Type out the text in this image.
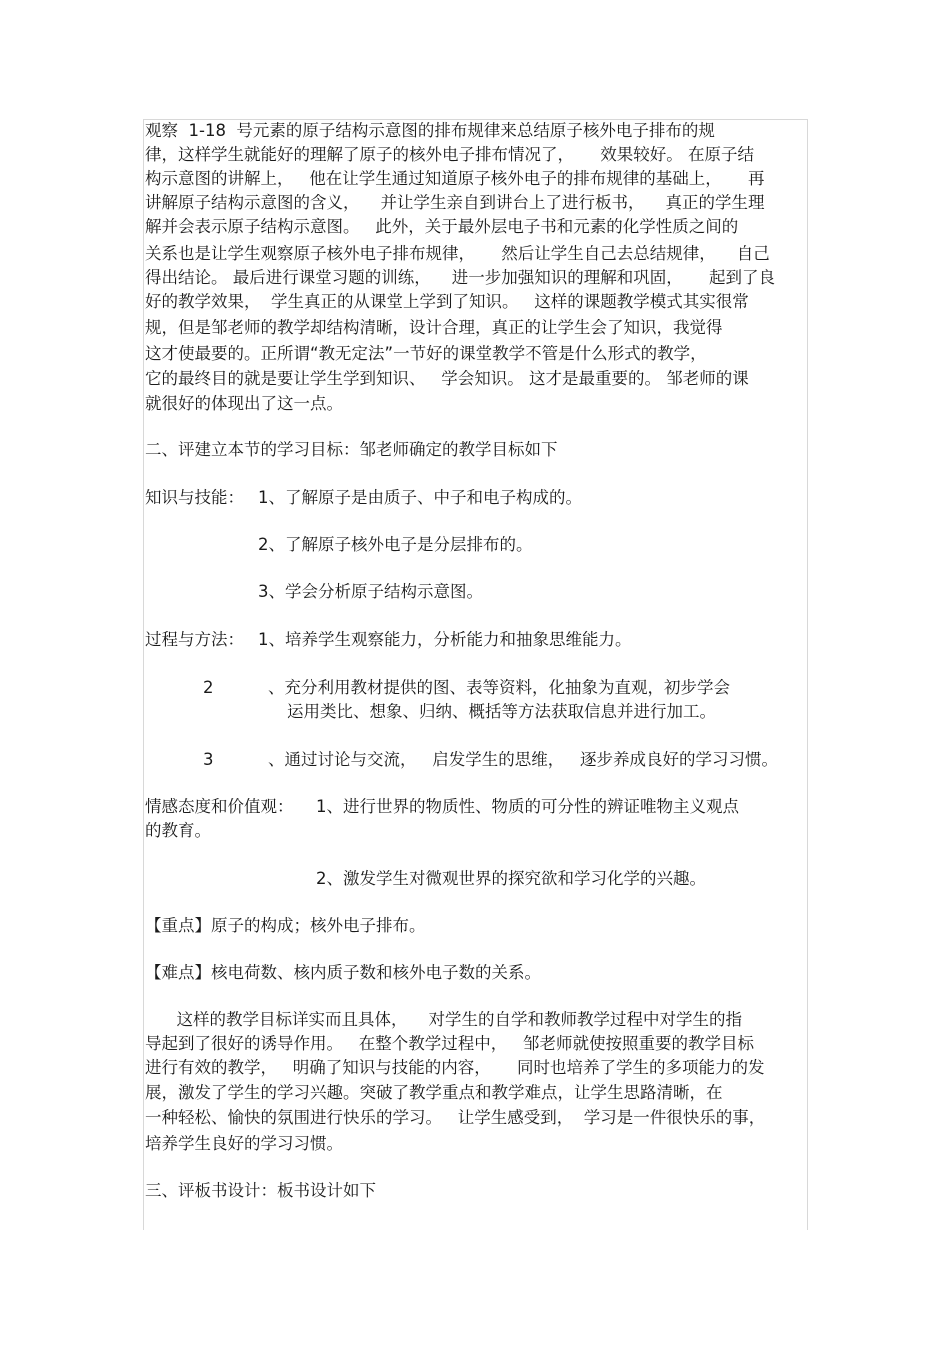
观察  1-18  号元素的原子结构示意图的排布规律来总结原子核外电子排布的规
律，这样学生就能好的理解了原子的核外电子排布情况了，     效果较好。 在原子结
构示意图的讲解上，   他在让学生通过知道原子核外电子的排布规律的基础上，     再
讲解原子结构示意图的含义，    并让学生亲自到讲台上了进行板书，    真正的学生理
解并会表示原子结构示意图。   此外，关于最外层电子书和元素的化学性质之间的
关系也是让学生观察原子核外电子排布规律，     然后让学生自己去总结规律，    自己
得出结论。 最后进行课堂习题的训练，    进一步加强知识的理解和巩固，     起到了良
好的教学效果，  学生真正的从课堂上学到了知识。   这样的课题教学模式其实很常
规，但是邹老师的教学却结构清晰，设计合理，真正的让学生会了知识，我觉得
这才使最要的。正所谓“教无定法”一节好的课堂教学不管是什么形式的教学，
它的最终目的就是要让学生学到知识、   学会知识。 这才是最重要的。 邹老师的课
就很好的体现出了这一点。
二、评建立本节的学习目标：邹老师确定的教学目标如下
知识与技能： 1、了解原子是由质子、中子和电子构成的。
2、了解原子核外电子是分层排布的。
3、学会分析原子结构示意图。
过程与方法： 1、培养学生观察能力，分析能力和抽象思维能力。
2	、充分利用教材提供的图、表等资料，化抽象为直观，初步学会
运用类比、想象、归纳、概括等方法获取信息并进行加工。
3	、通过讨论与交流，   启发学生的思维，   逐步养成良好的学习习惯。
情感态度和价值观： 1、进行世界的物质性、物质的可分性的辨证唯物主义观点
的教育。
2、激发学生对微观世界的探究欲和学习化学的兴趣。
【重点】原子的构成；核外电子排布。
【难点】核电荷数、核内质子数和核外电子数的关系。
这样的教学目标详实而且具体，    对学生的自学和教师教学过程中对学生的指
导起到了很好的诱导作用。   在整个教学过程中，   邹老师就使按照重要的教学目标
进行有效的教学，   明确了知识与技能的内容，     同时也培养了学生的多项能力的发
展，激发了学生的学习兴趣。突破了教学重点和教学难点，让学生思路清晰，在
一种轻松、愉快的氛围进行快乐的学习。   让学生感受到，  学习是一件很快乐的事，
培养学生良好的学习习惯。
三、评板书设计：板书设计如下
